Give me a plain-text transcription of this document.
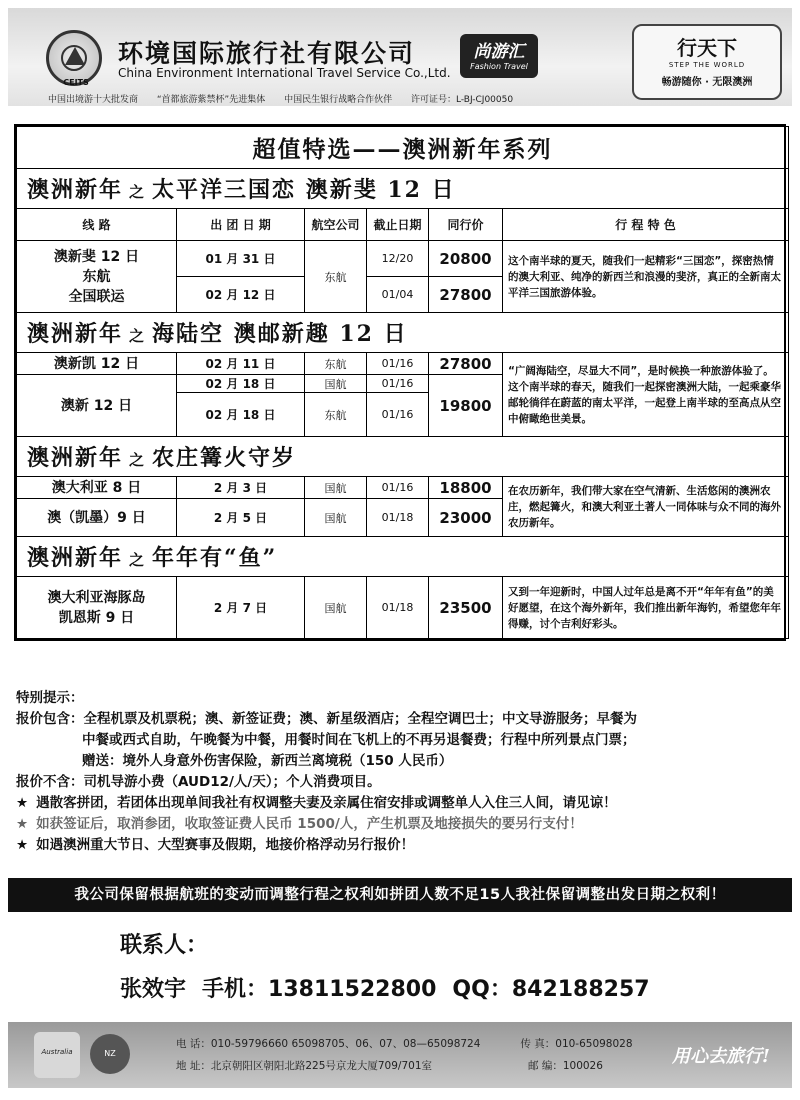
CEITS
环境国际旅行社有限公司
China Environment International Travel Service Co.,Ltd.
尚游汇
Fashion Travel
中国出境游十大批发商 “首都旅游紫禁杯”先进集体 中国民生银行战略合作伙伴 许可证号：L-BJ-CJ00050
行天下
STEP THE WORLD
畅游随你 · 无限澳洲
超值特选——澳洲新年系列					
澳洲新年 之 太平洋三国恋 澳新斐 12 日					
线 路	出 团 日 期	航空公司	截止日期	同行价	行 程 特 色

澳新斐 12 日
东航
全国联运	01 月 31 日	东航	12/20	20800	这个南半球的夏天，随我们一起精彩“三国恋”，探密热情的澳大利亚、纯净的新西兰和浪漫的斐济，真正的全新南太平洋三国旅游体验。
	02 月 12 日		01/04	27800	
澳洲新年 之 海陆空 澳邮新趣 12 日					
澳新凯 12 日	02 月 11 日	东航	01/16	27800	“广阔海陆空，尽显大不同”，是时候换一种旅游体验了。这个南半球的春天，随我们一起探密澳洲大陆，一起乘豪华邮轮徜徉在蔚蓝的南太平洋，一起登上南半球的至高点从空中俯瞰绝世美景。
澳新 12 日	02 月 18 日	国航	01/16	19800	
	02 月 18 日	东航	01/16		
澳洲新年 之 农庄篝火守岁					
澳大利亚 8 日	2 月 3 日	国航	01/16	18800	在农历新年，我们带大家在空气清新、生活悠闲的澳洲农庄，燃起篝火，和澳大利亚土著人一同体味与众不同的海外农历新年。
澳（凯墨）9 日	2 月 5 日	国航	01/18	23000	
澳洲新年 之 年年有“鱼”					

澳大利亚海豚岛
凯恩斯 9 日	2 月 7 日	国航	01/18	23500	又到一年迎新时，中国人过年总是离不开“年年有鱼”的美好愿望，在这个海外新年，我们推出新年海钓，希望您年年得赚，讨个吉利好彩头。
特别提示：
报价包含：全程机票及机票税；澳、新签证费；澳、新星级酒店；全程空调巴士；中文导游服务；早餐为
中餐或西式自助，午晚餐为中餐，用餐时间在飞机上的不再另退餐费；行程中所列景点门票；
赠送：境外人身意外伤害保险，新西兰离境税（150 人民币）
报价不含：司机导游小费（AUD12/人/天）；个人消费项目。
★ 遇散客拼团，若团体出现单间我社有权调整夫妻及亲属住宿安排或调整单人入住三人间，请见谅！
★ 如获签证后，取消参团，收取签证费人民币 1500/人，产生机票及地接损失的要另行支付！
★ 如遇澳洲重大节日、大型赛事及假期，地接价格浮动另行报价！
我公司保留根据航班的变动而调整行程之权利如拼团人数不足15人我社保留调整出发日期之权利！
联系人：
张效宇 手机：13811522800 QQ：842188257
Australia	NZ
电 话：010-59796660 65098705、06、07、08—65098724	传 真：010-65098028
地 址：北京朝阳区朝阳北路225号京龙大厦709/701室	邮 编：100026	用心去旅行!
